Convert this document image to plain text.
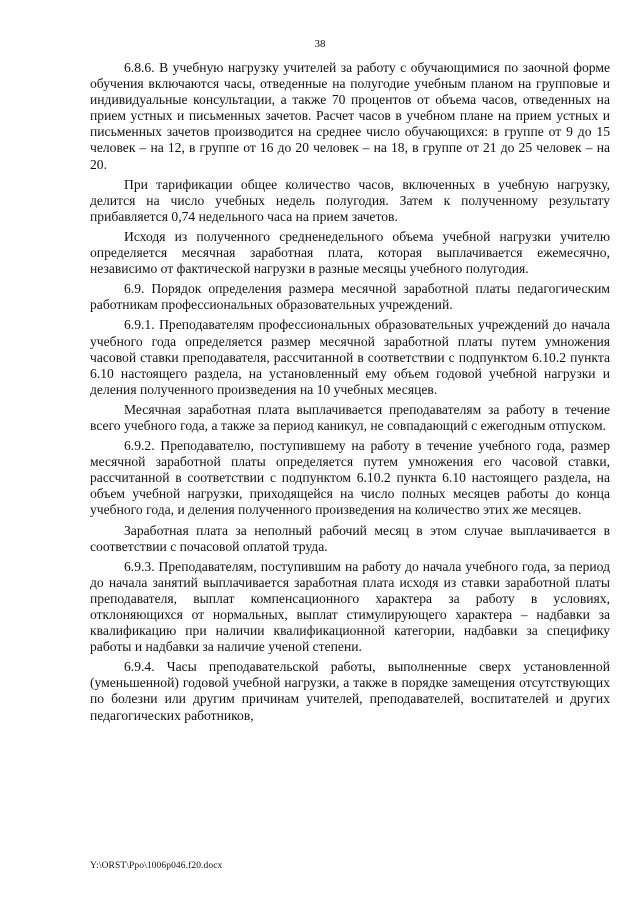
38

6.8.6. В учебную нагрузку учителей за работу с обучающимися по заочной форме обучения включаются часы, отведенные на полугодие учебным планом на групповые и индивидуальные консультации, а также 70 процентов от объема часов, отведенных на прием устных и письменных зачетов. Расчет часов в учебном плане на прием устных и письменных зачетов производится на среднее число обучающихся: в группе от 9 до 15 человек – на 12, в группе от 16 до 20 человек – на 18, в группе от 21 до 25 человек – на 20.

При тарификации общее количество часов, включенных в учебную нагрузку, делится на число учебных недель полугодия. Затем к полученному результату прибавляется 0,74 недельного часа на прием зачетов.

Исходя из полученного средненедельного объема учебной нагрузки учителю определяется месячная заработная плата, которая выплачивается ежемесячно, независимо от фактической нагрузки в разные месяцы учебного полугодия.

6.9. Порядок определения размера месячной заработной платы педагогическим работникам профессиональных образовательных учреждений.

6.9.1. Преподавателям профессиональных образовательных учреждений до начала учебного года определяется размер месячной заработной платы путем умножения часовой ставки преподавателя, рассчитанной в соответствии с подпунктом 6.10.2 пункта 6.10 настоящего раздела, на установленный ему объем годовой учебной нагрузки и деления полученного произведения на 10 учебных месяцев.

Месячная заработная плата выплачивается преподавателям за работу в течение всего учебного года, а также за период каникул, не совпадающий с ежегодным отпуском.

6.9.2. Преподавателю, поступившему на работу в течение учебного года, размер месячной заработной платы определяется путем умножения его часовой ставки, рассчитанной в соответствии с подпунктом 6.10.2 пункта 6.10 настоящего раздела, на объем учебной нагрузки, приходящейся на число полных месяцев работы до конца учебного года, и деления полученного произведения на количество этих же месяцев.

Заработная плата за неполный рабочий месяц в этом случае выплачивается в соответствии с почасовой оплатой труда.

6.9.3. Преподавателям, поступившим на работу до начала учебного года, за период до начала занятий выплачивается заработная плата исходя из ставки заработной платы преподавателя, выплат компенсационного характера за работу в условиях, отклоняющихся от нормальных, выплат стимулирующего характера – надбавки за квалификацию при наличии квалификационной категории, надбавки за специфику работы и надбавки за наличие ученой степени.

6.9.4. Часы преподавательской работы, выполненные сверх установленной (уменьшенной) годовой учебной нагрузки, а также в порядке замещения отсутствующих по болезни или другим причинам учителей, преподавателей, воспитателей и других педагогических работников,

Y:\ORST\Ppo\1006p046.f20.docx
